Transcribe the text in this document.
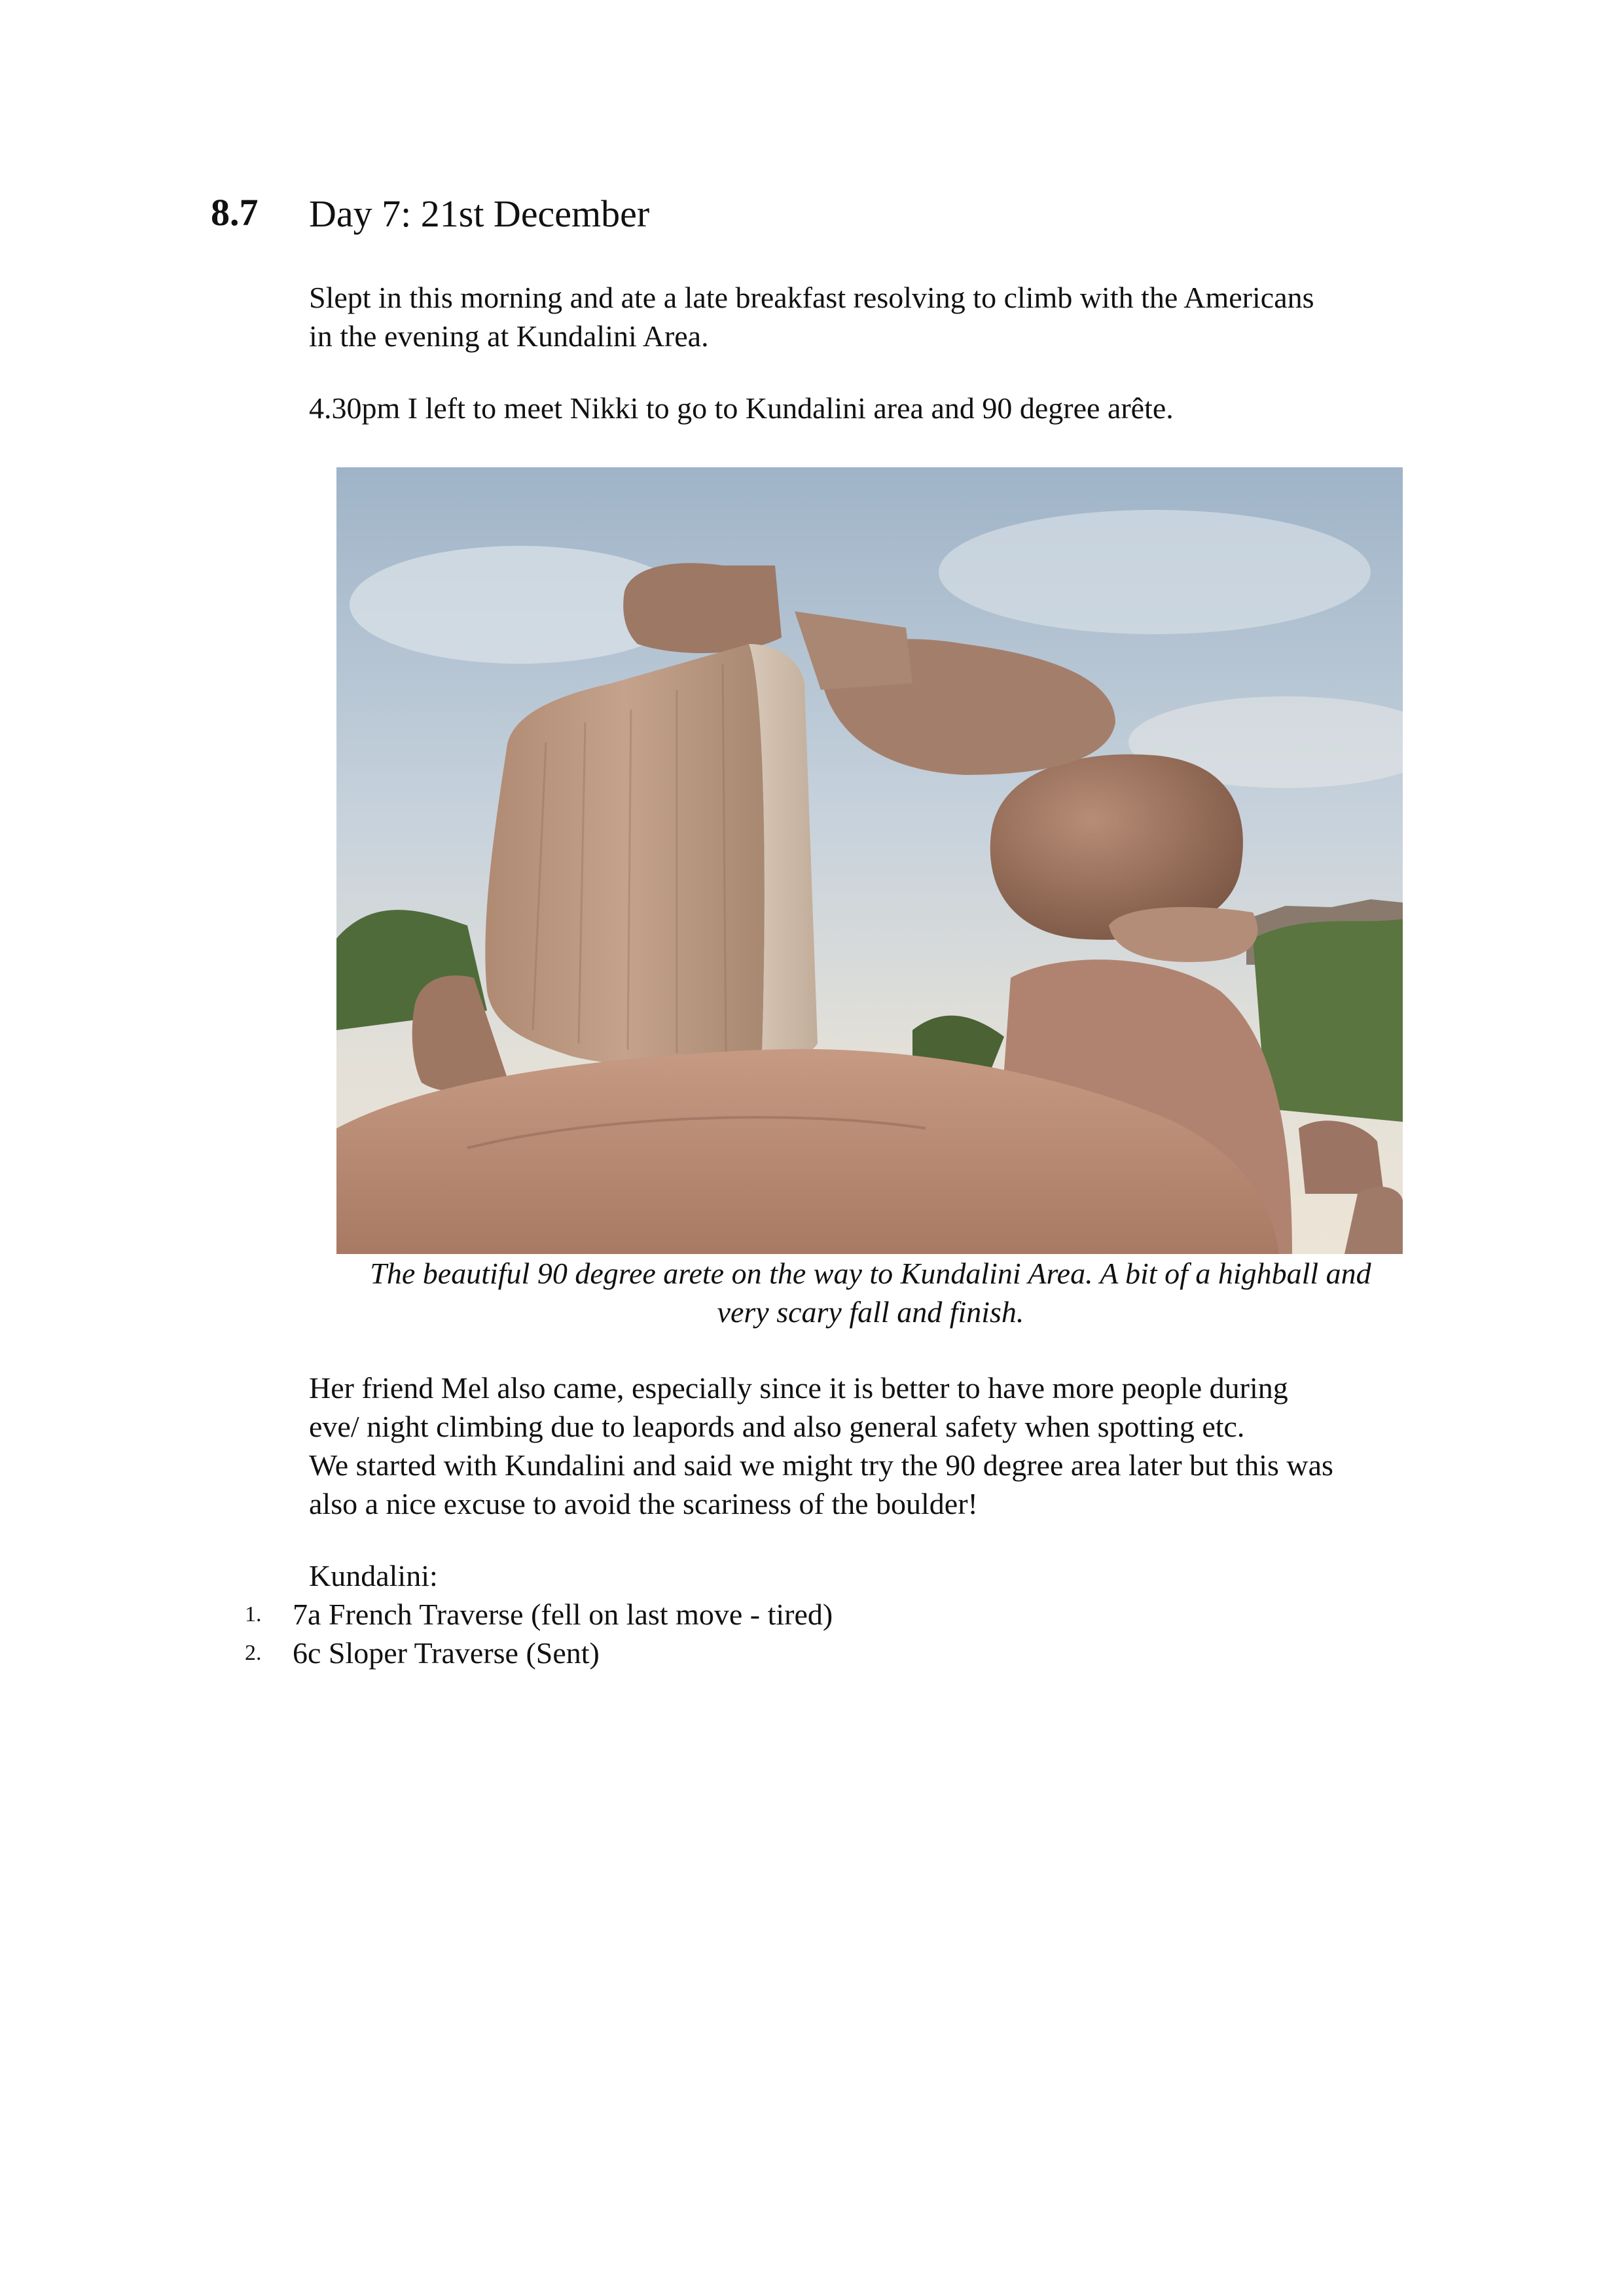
8.7 Day 7: 21st December

Slept in this morning and ate a late breakfast resolving to climb with the Americans
in the evening at Kundalini Area.

4.30pm I left to meet Nikki to go to Kundalini area and 90 degree arête.

The beautiful 90 degree arete on the way to Kundalini Area. A bit of a highball and
very scary fall and finish.

Her friend Mel also came, especially since it is better to have more people during
eve/ night climbing due to leapords and also general safety when spotting etc.
We started with Kundalini and said we might try the 90 degree area later but this was
also a nice excuse to avoid the scariness of the boulder!

Kundalini:

1. 7a French Traverse (fell on last move - tired)
2. 6c Sloper Traverse (Sent)
